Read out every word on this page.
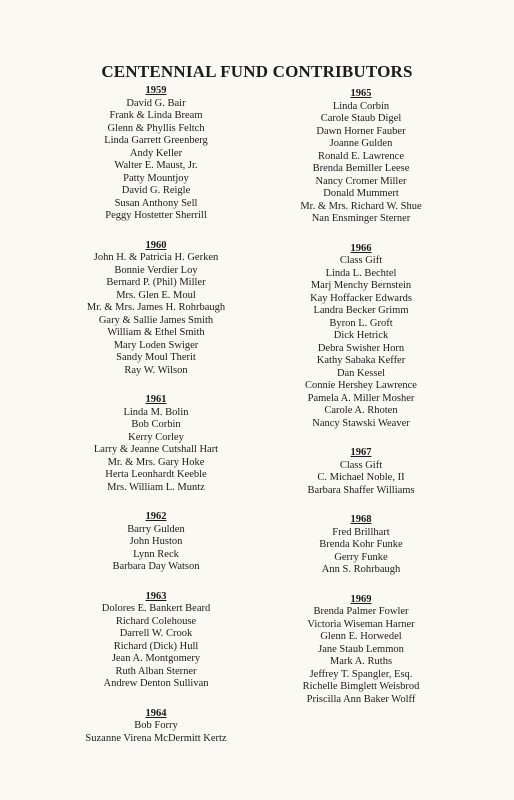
CENTENNIAL FUND CONTRIBUTORS
1959
David G. Bair
Frank & Linda Bream
Glenn & Phyllis Feltch
Linda Garrett Greenberg
Andy Keller
Walter E. Maust, Jr.
Patty Mountjoy
David G. Reigle
Susan Anthony Sell
Peggy Hostetter Sherrill
1960
John H. & Patricia H. Gerken
Bonnie Verdier Loy
Bernard P. (Phil) Miller
Mrs. Glen E. Moul
Mr. & Mrs. James H. Rohrbaugh
Gary & Sallie James Smith
William & Ethel Smith
Mary Loden Swiger
Sandy Moul Therit
Ray W. Wilson
1961
Linda M. Bolin
Bob Corbin
Kerry Corley
Larry & Jeanne Cutshall Hart
Mr. & Mrs. Gary Hoke
Herta Leonhardt Keeble
Mrs. William L. Muntz
1962
Barry Gulden
John Huston
Lynn Reck
Barbara Day Watson
1963
Dolores E. Bankert Beard
Richard Colehouse
Darrell W. Crook
Richard (Dick) Hull
Jean A. Montgomery
Ruth Alban Sterner
Andrew Denton Sullivan
1964
Bob Forry
Suzanne Virena McDermitt Kertz
1965
Linda Corbin
Carole Staub Digel
Dawn Horner Fauber
Joanne Gulden
Ronald E. Lawrence
Brenda Bemiller Leese
Nancy Cromer Miller
Donald Mummert
Mr. & Mrs. Richard W. Shue
Nan Ensminger Sterner
1966
Class Gift
Linda L. Bechtel
Marj Menchy Bernstein
Kay Hoffacker Edwards
Landra Becker Grimm
Byron L. Groft
Dick Hetrick
Debra Swisher Horn
Kathy Sabaka Keffer
Dan Kessel
Connie Hershey Lawrence
Pamela A. Miller Mosher
Carole A. Rhoten
Nancy Stawski Weaver
1967
Class Gift
C. Michael Noble, II
Barbara Shaffer Williams
1968
Fred Brillhart
Brenda Kohr Funke
Gerry Funke
Ann S. Rohrbaugh
1969
Brenda Palmer Fowler
Victoria Wiseman Harner
Glenn E. Horwedel
Jane Staub Lemmon
Mark A. Ruths
Jeffrey T. Spangler, Esq.
Richelle Bimglett Weisbrod
Priscilla Ann Baker Wolff
